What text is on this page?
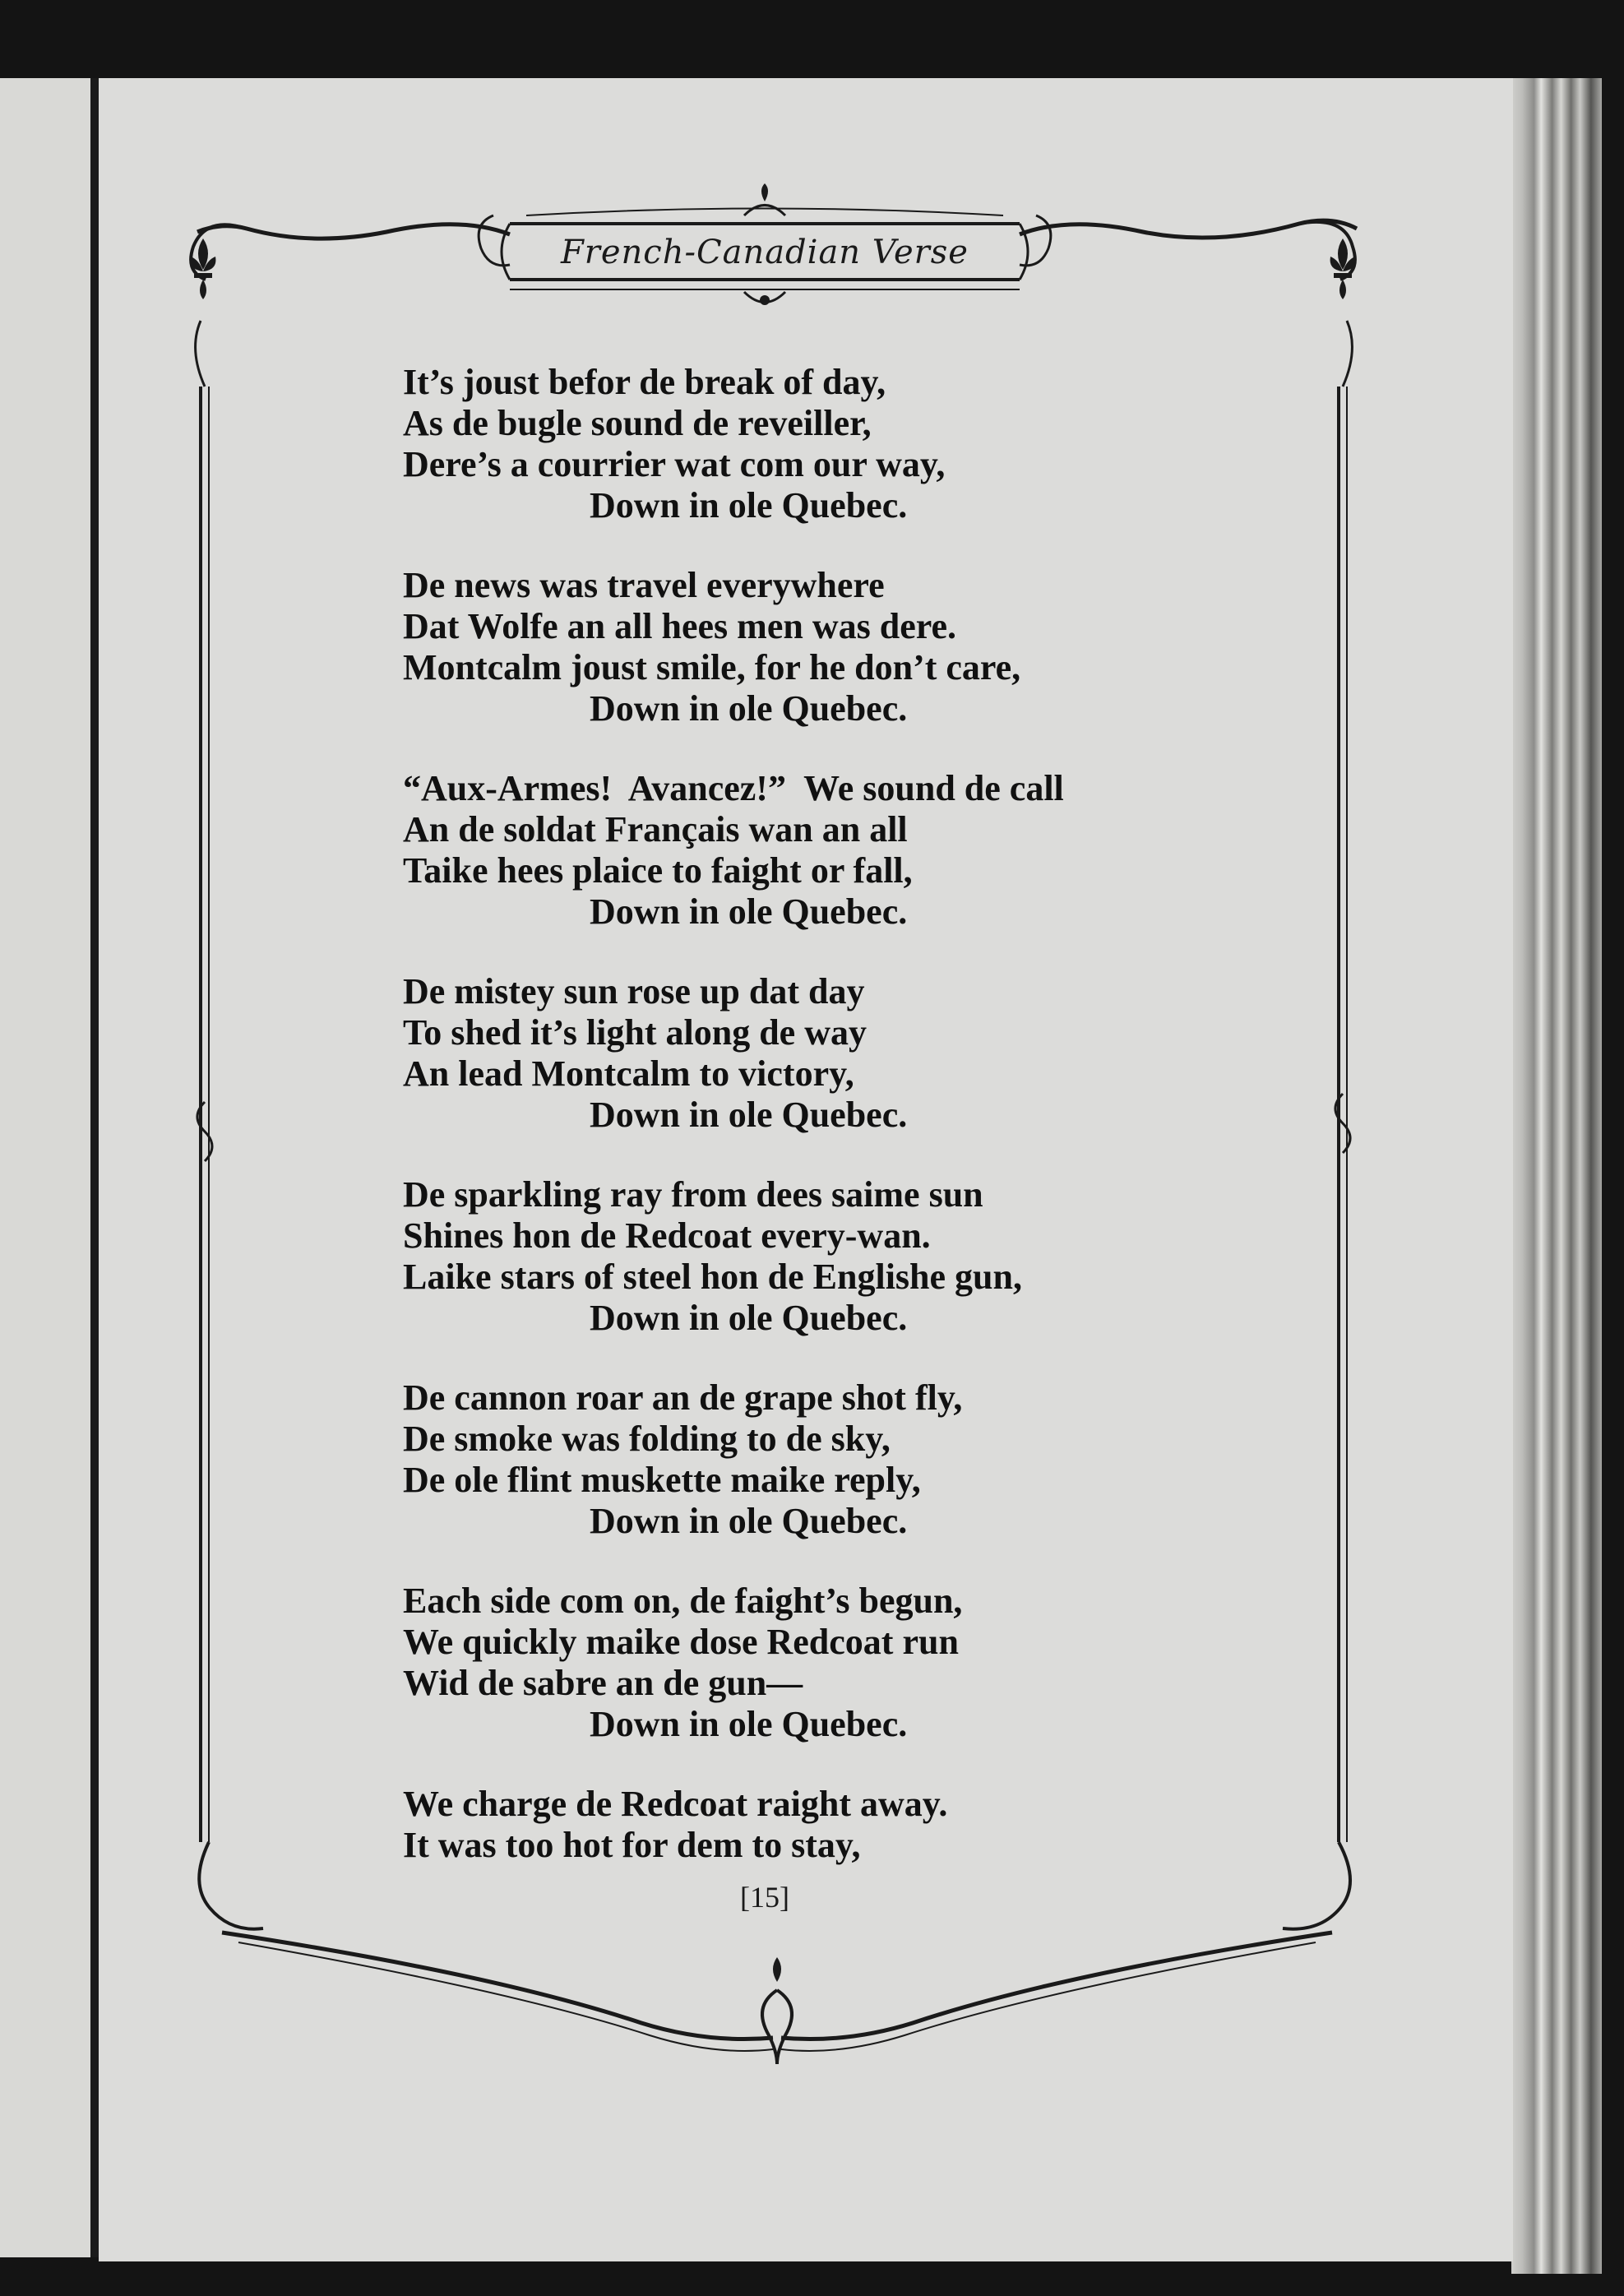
French-Canadian Verse
It’s joust befor de break of day,
As de bugle sound de reveiller,
Dere’s a courrier wat com our way,
Down in ole Quebec.
De news was travel everywhere
Dat Wolfe an all hees men was dere.
Montcalm joust smile, for he don’t care,
Down in ole Quebec.
“Aux-Armes!  Avancez!”  We sound de call
An de soldat Français wan an all
Taike hees plaice to faight or fall,
Down in ole Quebec.
De mistey sun rose up dat day
To shed it’s light along de way
An lead Montcalm to victory,
Down in ole Quebec.
De sparkling ray from dees saime sun
Shines hon de Redcoat every-wan.
Laike stars of steel hon de Englishe gun,
Down in ole Quebec.
De cannon roar an de grape shot fly,
De smoke was folding to de sky,
De ole flint muskette maike reply,
Down in ole Quebec.
Each side com on, de faight’s begun,
We quickly maike dose Redcoat run
Wid de sabre an de gun—
Down in ole Quebec.
We charge de Redcoat raight away.
It was too hot for dem to stay,
[15]
